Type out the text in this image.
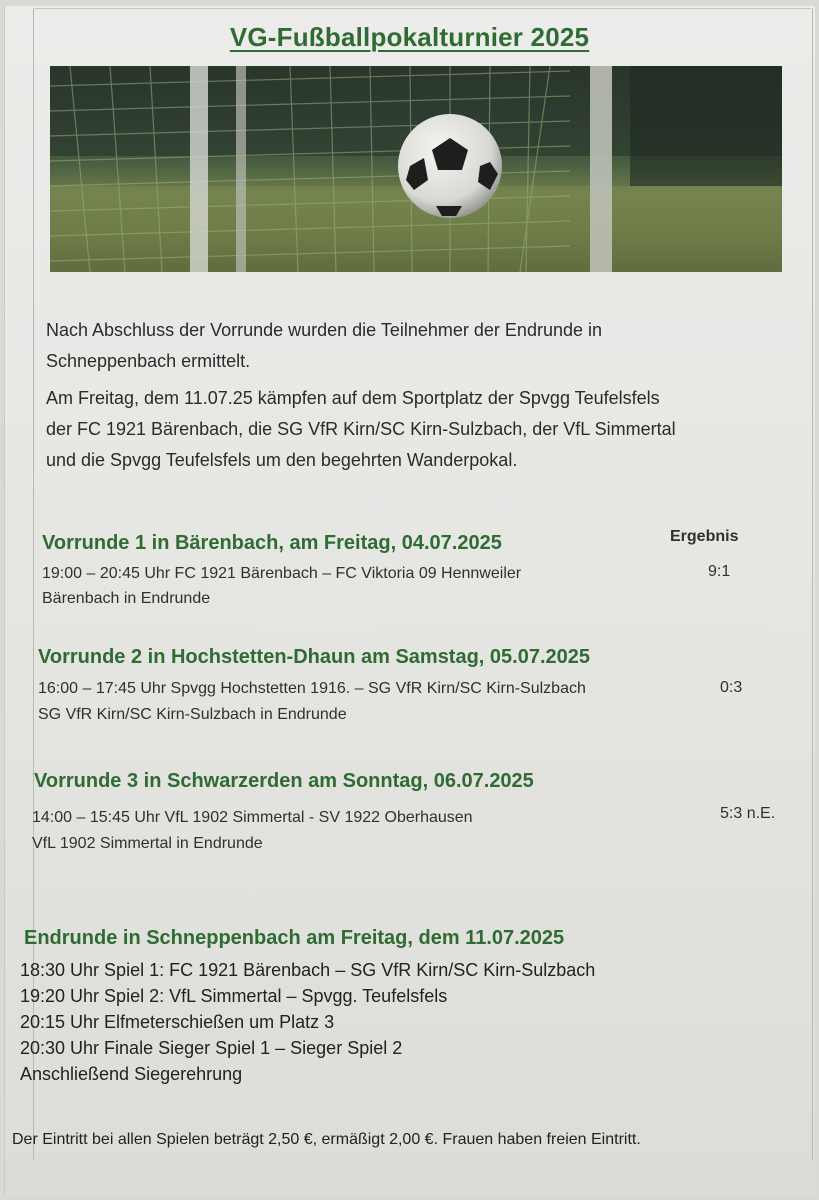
VG-Fußballpokalturnier 2025
Nach Abschluss der Vorrunde wurden die Teilnehmer der Endrunde in
Schneppenbach ermittelt.
Am Freitag, dem 11.07.25 kämpfen auf dem Sportplatz der Spvgg Teufelsfels
der FC 1921 Bärenbach, die SG VfR Kirn/SC Kirn-Sulzbach, der VfL Simmertal
und die Spvgg Teufelsfels um den begehrten Wanderpokal.
Vorrunde 1 in Bärenbach, am Freitag, 04.07.2025	Ergebnis
19:00 – 20:45 Uhr FC 1921 Bärenbach – FC Viktoria 09 Hennweiler	9:1
Bärenbach in Endrunde
Vorrunde 2 in Hochstetten-Dhaun am Samstag, 05.07.2025
16:00 – 17:45 Uhr Spvgg Hochstetten 1916. – SG VfR Kirn/SC Kirn-Sulzbach	0:3
SG VfR Kirn/SC Kirn-Sulzbach in Endrunde
Vorrunde 3 in Schwarzerden am Sonntag, 06.07.2025
14:00 – 15:45 Uhr VfL 1902 Simmertal - SV 1922 Oberhausen	5:3 n.E.
VfL 1902 Simmertal in Endrunde
Endrunde in Schneppenbach am Freitag, dem 11.07.2025
18:30 Uhr Spiel 1: FC 1921 Bärenbach – SG VfR Kirn/SC Kirn-Sulzbach
19:20 Uhr Spiel 2: VfL Simmertal – Spvgg. Teufelsfels
20:15 Uhr Elfmeterschießen um Platz 3
20:30 Uhr Finale Sieger Spiel 1 – Sieger Spiel 2
Anschließend Siegerehrung
Der Eintritt bei allen Spielen beträgt 2,50 €, ermäßigt 2,00 €. Frauen haben freien Eintritt.
